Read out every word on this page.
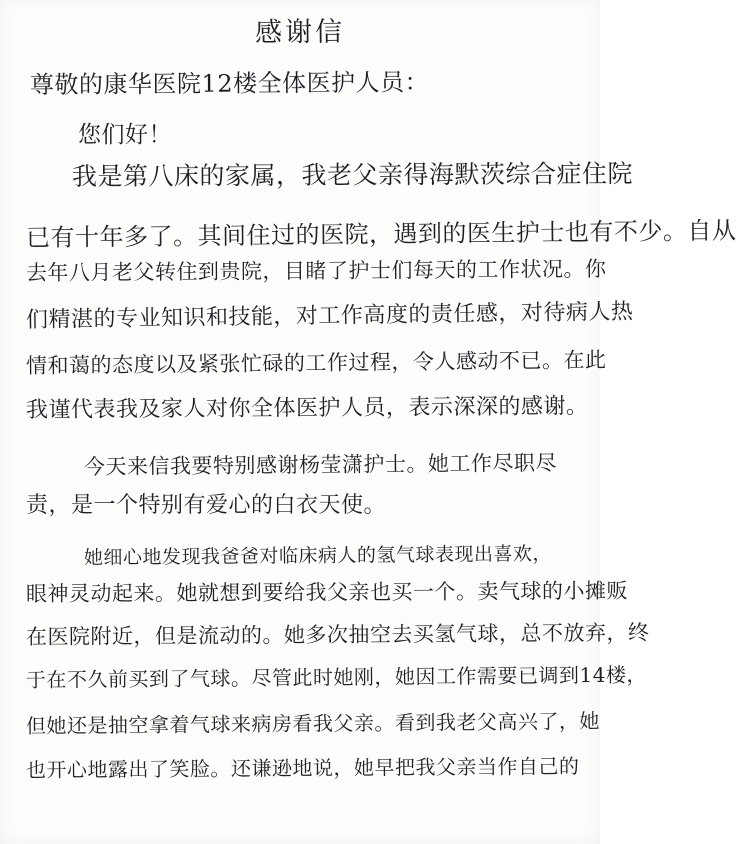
感谢信
尊敬的康华医院12楼全体医护人员：
您们好！
我是第八床的家属，我老父亲得海默茨综合症住院
已有十年多了。其间住过的医院，遇到的医生护士也有不少。自从
去年八月老父转住到贵院，目睹了护士们每天的工作状况。你
们精湛的专业知识和技能，对工作高度的责任感，对待病人热
情和蔼的态度以及紧张忙碌的工作过程，令人感动不已。在此
我谨代表我及家人对你全体医护人员，表示深深的感谢。
今天来信我要特别感谢杨莹潇护士。她工作尽职尽
责，是一个特别有爱心的白衣天使。
她细心地发现我爸爸对临床病人的氢气球表现出喜欢，
眼神灵动起来。她就想到要给我父亲也买一个。卖气球的小摊贩
在医院附近，但是流动的。她多次抽空去买氢气球，总不放弃，终
于在不久前买到了气球。尽管此时她刚，她因工作需要已调到14楼，
但她还是抽空拿着气球来病房看我父亲。看到我老父高兴了，她
也开心地露出了笑脸。还谦逊地说，她早把我父亲当作自己的
